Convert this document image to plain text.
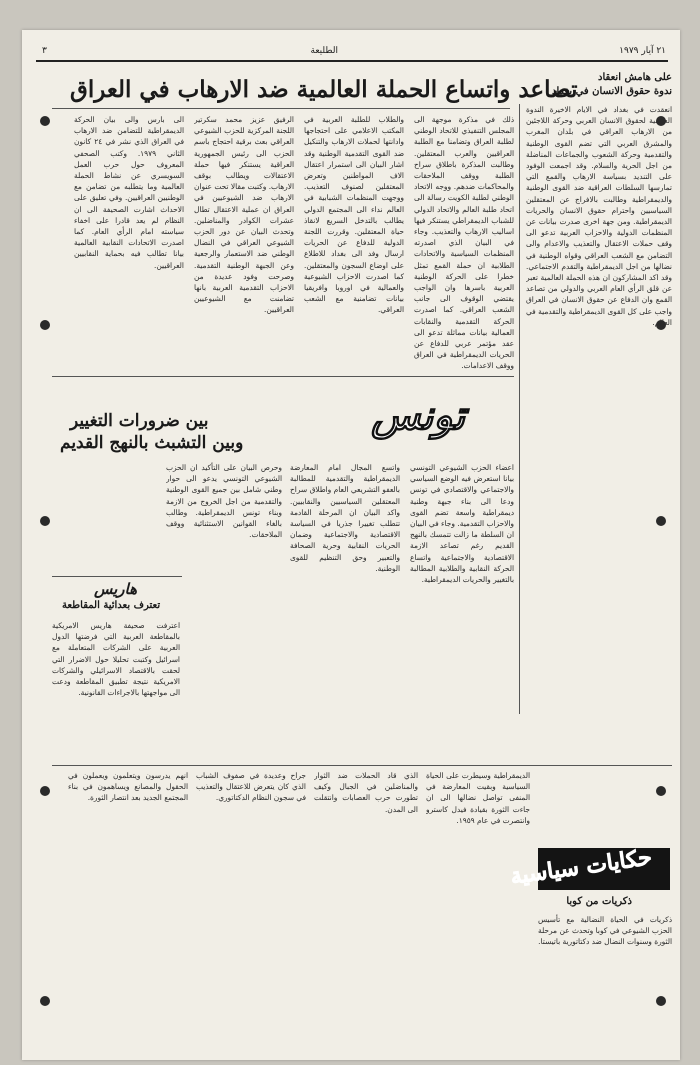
٢١ آيار ١٩٧٩
الطليعة
٣
على هامش انعقاد
ندوة حقوق الانسان في بغداد
تصاعد واتساع الحملة العالمية ضد الارهاب في العراق

انعقدت في بغداد في الايام الاخيرة الندوة العالمية لحقوق الانسان العربي وحركة اللاجئين من الارهاب العراقي في بلدان المغرب والمشرق العربي التي تضم القوى الوطنية والتقدمية وحركة الشعوب والجماعات المناضلة من اجل الحرية والسلام. وقد اجمعت الوفود على التنديد بسياسة الارهاب والقمع التي تمارسها السلطات العراقية ضد القوى الوطنية والديمقراطية وطالبت بالافراج عن المعتقلين السياسيين واحترام حقوق الانسان والحريات الديمقراطية. ومن جهة اخرى صدرت بيانات عن المنظمات الدولية والاحزاب العربية تدعو الى وقف حملات الاعتقال والتعذيب والاعدام والى التضامن مع الشعب العراقي وقواه الوطنية في نضالها من اجل الديمقراطية والتقدم الاجتماعي. وقد اكد المشاركون ان هذه الحملة العالمية تعبر عن قلق الرأي العام العربي والدولي من تصاعد القمع وان الدفاع عن حقوق الانسان في العراق واجب على كل القوى الديمقراطية والتقدمية في العالم.

ذلك في مذكرة موجهة الى المجلس التنفيذي للاتحاد الوطني لطلبة العراق وتضامنا مع الطلبة العراقيين والعرب المعتقلين. وطالبت المذكرة باطلاق سراح الطلبة ووقف الملاحقات والمحاكمات ضدهم. ووجه الاتحاد الوطني لطلبة الكويت رسالة الى اتحاد طلبة العالم والاتحاد الدولي للشباب الديمقراطي يستنكر فيها اساليب الارهاب والتعذيب. وجاء في البيان الذي اصدرته المنظمات السياسية والاتحادات الطلابية ان حملة القمع تمثل خطرا على الحركة الوطنية العربية باسرها وان الواجب يقتضي الوقوف الى جانب الشعب العراقي. كما اصدرت الحركة التقدمية والنقابات العمالية بيانات مماثلة تدعو الى عقد مؤتمر عربي للدفاع عن الحريات الديمقراطية في العراق ووقف الاعدامات.

والطلاب للطلبة العربية في المكتب الاعلامي على احتجاجها وادانتها لحملات الارهاب والتنكيل ضد القوى التقدمية الوطنية وقد اشار البيان الى استمرار اعتقال الاف المواطنين وتعرض المعتقلين لصنوف التعذيب. ووجهت المنظمات الشبابية في العالم نداء الى المجتمع الدولي يطالب بالتدخل السريع لانقاذ حياة المعتقلين. وقررت اللجنة الدولية للدفاع عن الحريات ارسال وفد الى بغداد للاطلاع على اوضاع السجون والمعتقلين. كما اصدرت الاحزاب الشيوعية والعمالية في اوروبا وافريقيا بيانات تضامنية مع الشعب العراقي.

الرفيق عزيز محمد سكرتير اللجنة المركزية للحزب الشيوعي العراقي بعث برقية احتجاج باسم الحزب الى رئيس الجمهورية العراقية يستنكر فيها حملة الاعتقالات ويطالب بوقف الارهاب. وكتبت مقالا تحت عنوان الارهاب ضد الشيوعيين في العراق ان عملية الاعتقال تطال عشرات الكوادر والمناضلين. وتحدث البيان عن دور الحزب الشيوعي العراقي في النضال الوطني ضد الاستعمار والرجعية وعن الجبهة الوطنية التقدمية. وصرحت وفود عديدة من الاحزاب التقدمية العربية بانها تضامنت مع الشيوعيين العراقيين.

الى بارس والى بيان الحركة الديمقراطية للتضامن ضد الارهاب في العراق الذي نشر في ٢٤ كانون الثاني ١٩٧٩. وكتب الصحفي المعروف حول حرب العمل السويسري عن نشاط الحملة العالمية وما يتطلبه من تضامن مع الوطنيين العراقيين. وفي تعليق على الاحداث اشارت الصحيفة الى ان النظام لم يعد قادرا على اخفاء سياسته امام الرأي العام. كما اصدرت الاتحادات النقابية العالمية بيانا تطالب فيه بحماية النقابيين العراقيين.

تونس
بين ضرورات التغيير
وبين التشبث بالنهج القديم

اعضاء الحزب الشيوعي التونسي بيانا استعرض فيه الوضع السياسي والاجتماعي والاقتصادي في تونس ودعا الى بناء جبهة وطنية ديمقراطية واسعة تضم القوى والاحزاب التقدمية. وجاء في البيان ان السلطة ما زالت تتمسك بالنهج القديم رغم تصاعد الازمة الاقتصادية والاجتماعية واتساع الحركة النقابية والطلابية المطالبة بالتغيير والحريات الديمقراطية.

واتسع المجال امام المعارضة الديمقراطية والتقدمية للمطالبة بالعفو التشريعي العام واطلاق سراح المعتقلين السياسيين والنقابيين. واكد البيان ان المرحلة القادمة تتطلب تغييرا جذريا في السياسة الاقتصادية والاجتماعية وضمان الحريات النقابية وحرية الصحافة والتعبير وحق التنظيم للقوى الوطنية.

وحرص البيان على التأكيد ان الحزب الشيوعي التونسي يدعو الى حوار وطني شامل بين جميع القوى الوطنية والتقدمية من اجل الخروج من الازمة وبناء تونس الديمقراطية. وطالب بالغاء القوانين الاستثنائية ووقف الملاحقات.

هاريس
تعترف بعدائية المقاطعة

اعترفت صحيفة هاريس الامريكية بالمقاطعة العربية التي فرضتها الدول العربية على الشركات المتعاملة مع اسرائيل وكتبت تحليلا حول الاضرار التي لحقت بالاقتصاد الاسرائيلي والشركات الامريكية نتيجة تطبيق المقاطعة ودعت الى مواجهتها بالاجراءات القانونية.

حكايات سياسية
ذكريات من كوبا

ذكريات في الحياة النضالية مع تأسيس الحزب الشيوعي في كوبا وتحدث عن مرحلة الثورة وسنوات النضال ضد دكتاتورية باتيستا.

الديمقراطية وسيطرت على الحياة السياسية وبقيت المعارضة في المنفى تواصل نضالها الى ان جاءت الثورة بقيادة فيدل كاسترو وانتصرت في عام ١٩٥٩.

الذي قاد الحملات ضد الثوار والمناضلين في الجبال وكيف تطورت حرب العصابات وانتقلت الى المدن.

جراح وعديدة في صفوف الشباب الذي كان يتعرض للاعتقال والتعذيب في سجون النظام الدكتاتوري.

انهم يدرسون ويتعلمون ويعملون في الحقول والمصانع ويساهمون في بناء المجتمع الجديد بعد انتصار الثورة.
